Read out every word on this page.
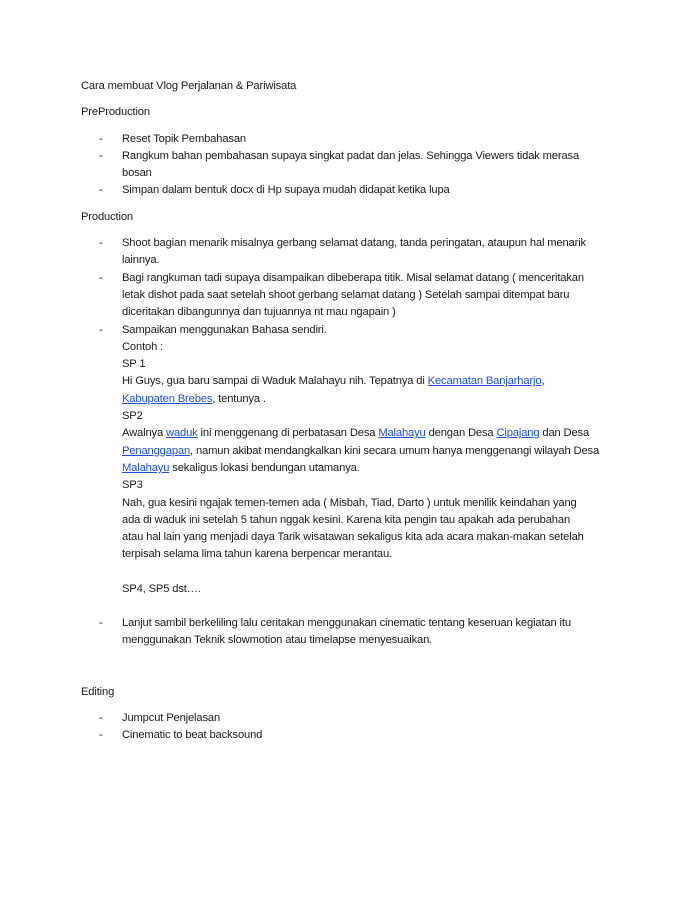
Cara membuat Vlog Perjalanan & Pariwisata

PreProduction

- Reset Topik Pembahasan
- Rangkum bahan pembahasan supaya singkat padat dan jelas. Sehingga Viewers tidak merasa
bosan
- Simpan dalam bentuk docx di Hp supaya mudah didapat ketika lupa

Production

- Shoot bagian menarik misalnya gerbang selamat datang, tanda peringatan, ataupun hal menarik
lainnya.
- Bagi rangkuman tadi supaya disampaikan dibeberapa titik. Misal selamat datang ( menceritakan
letak dishot pada saat setelah shoot gerbang selamat datang ) Setelah sampai ditempat baru
diceritakan dibangunnya dan tujuannya nt mau ngapain )
- Sampaikan menggunakan Bahasa sendiri.
Contoh :
SP 1
Hi Guys, gua baru sampai di Waduk Malahayu nih. Tepatnya di Kecamatan Banjarharjo,
Kabupaten Brebes, tentunya .
SP2
Awalnya waduk ini menggenang di perbatasan Desa Malahayu dengan Desa Cipajang dan Desa
Penanggapan, namun akibat mendangkalkan kini secara umum hanya menggenangi wilayah Desa
Malahayu sekaligus lokasi bendungan utamanya.
SP3
Nah, gua kesini ngajak temen-temen ada ( Misbah, Tiad, Darto ) untuk menilik keindahan yang
ada di waduk ini setelah 5 tahun nggak kesini. Karena kita pengin tau apakah ada perubahan
atau hal lain yang menjadi daya Tarik wisatawan sekaligus kita ada acara makan-makan setelah
terpisah selama lima tahun karena berpencar merantau.
SP4, SP5 dst….
- Lanjut sambil berkeliling lalu ceritakan menggunakan cinematic tentang keseruan kegiatan itu
menggunakan Teknik slowmotion atau timelapse menyesuaikan.

Editing

- Jumpcut Penjelasan
- Cinematic to beat backsound
